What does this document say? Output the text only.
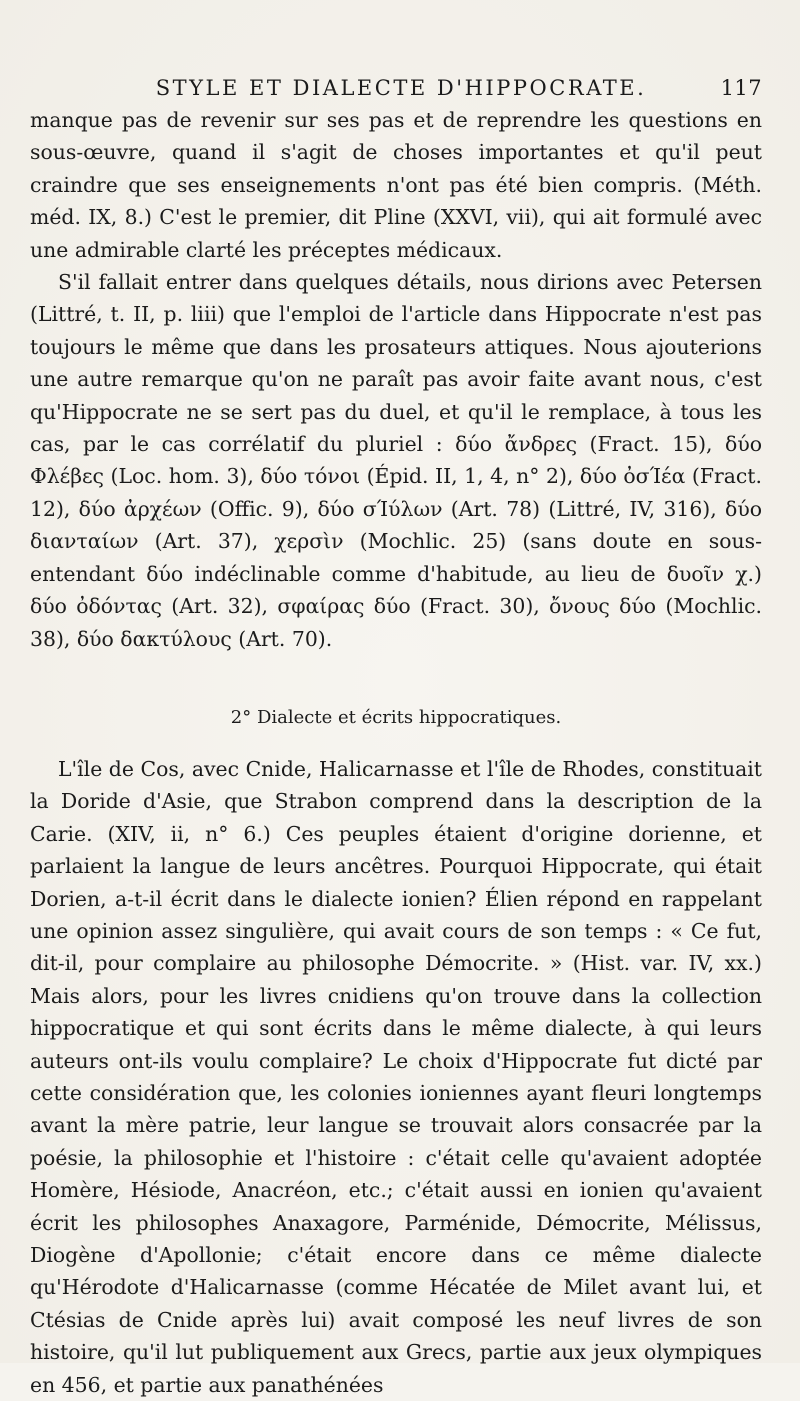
STYLE ET DIALECTE D'HIPPOCRATE.	117

manque pas de revenir sur ses pas et de reprendre les questions en sous-œuvre, quand il s'agit de choses importantes et qu'il peut craindre que ses enseignements n'ont pas été bien compris. (Méth. méd. IX, 8.) C'est le premier, dit Pline (XXVI, vii), qui ait formulé avec une admirable clarté les préceptes médicaux.

S'il fallait entrer dans quelques détails, nous dirions avec Petersen (Littré, t. II, p. liii) que l'emploi de l'article dans Hippocrate n'est pas toujours le même que dans les prosateurs attiques. Nous ajouterions une autre remarque qu'on ne paraît pas avoir faite avant nous, c'est qu'Hippocrate ne se sert pas du duel, et qu'il le remplace, à tous les cas, par le cas corrélatif du pluriel : δύο ἄνδρες (Fract. 15), δύο Φλέβες (Loc. hom. 3), δύο τόνοι (Épid. II, 1, 4, n° 2), δύο ὀσΊέα (Fract. 12), δύο ἀρχέων (Offic. 9), δύο σΊύλων (Art. 78) (Littré, IV, 316), δύο διανταίων (Art. 37), χερσὶν (Mochlic. 25) (sans doute en sous-entendant δύο indéclinable comme d'habitude, au lieu de δυοῖν χ.) δύο ὀδόντας (Art. 32), σφαίρας δύο (Fract. 30), ὄνους δύο (Mochlic. 38), δύο δακτύλους (Art. 70).

2° Dialecte et écrits hippocratiques.

L'île de Cos, avec Cnide, Halicarnasse et l'île de Rhodes, constituait la Doride d'Asie, que Strabon comprend dans la description de la Carie. (XIV, ii, n° 6.) Ces peuples étaient d'origine dorienne, et parlaient la langue de leurs ancêtres. Pourquoi Hippocrate, qui était Dorien, a-t-il écrit dans le dialecte ionien? Élien répond en rappelant une opinion assez singulière, qui avait cours de son temps : « Ce fut, dit-il, pour complaire au philosophe Démocrite. » (Hist. var. IV, xx.) Mais alors, pour les livres cnidiens qu'on trouve dans la collection hippocratique et qui sont écrits dans le même dialecte, à qui leurs auteurs ont-ils voulu complaire? Le choix d'Hippocrate fut dicté par cette considération que, les colonies ioniennes ayant fleuri longtemps avant la mère patrie, leur langue se trouvait alors consacrée par la poésie, la philosophie et l'histoire : c'était celle qu'avaient adoptée Homère, Hésiode, Anacréon, etc.; c'était aussi en ionien qu'avaient écrit les philosophes Anaxagore, Parménide, Démocrite, Mélissus, Diogène d'Apollonie; c'était encore dans ce même dialecte qu'Hérodote d'Halicarnasse (comme Hécatée de Milet avant lui, et Ctésias de Cnide après lui) avait composé les neuf livres de son histoire, qu'il lut publiquement aux Grecs, partie aux jeux olympiques en 456, et partie aux panathénées
